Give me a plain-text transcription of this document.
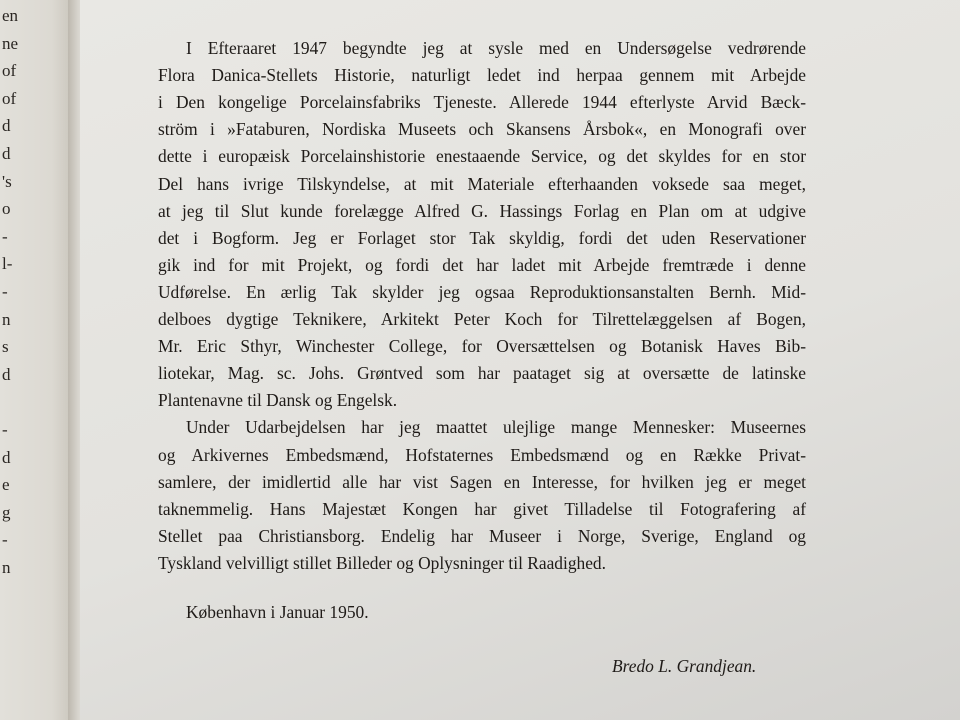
en
ne
of
of
d
d
's
o
-
l-
-
n
s
d
-
d
e
g
-
n
I Efteraaret 1947 begyndte jeg at sysle med en Undersøgelse vedrørende
Flora Danica-Stellets Historie, naturligt ledet ind herpaa gennem mit Arbejde
i Den kongelige Porcelainsfabriks Tjeneste. Allerede 1944 efterlyste Arvid Bæck-
ström i »Fataburen, Nordiska Museets och Skansens Årsbok«, en Monografi over
dette i europæisk Porcelainshistorie enestaaende Service, og det skyldes for en stor
Del hans ivrige Tilskyndelse, at mit Materiale efterhaanden voksede saa meget,
at jeg til Slut kunde forelægge Alfred G. Hassings Forlag en Plan om at udgive
det i Bogform. Jeg er Forlaget stor Tak skyldig, fordi det uden Reservationer
gik ind for mit Projekt, og fordi det har ladet mit Arbejde fremtræde i denne
Udførelse. En ærlig Tak skylder jeg ogsaa Reproduktionsanstalten Bernh. Mid-
delboes dygtige Teknikere, Arkitekt Peter Koch for Tilrettelæggelsen af Bogen,
Mr. Eric Sthyr, Winchester College, for Oversættelsen og Botanisk Haves Bib-
liotekar, Mag. sc. Johs. Grøntved som har paataget sig at oversætte de latinske
Plantenavne til Dansk og Engelsk.
Under Udarbejdelsen har jeg maattet ulejlige mange Mennesker: Museernes
og Arkivernes Embedsmænd, Hofstaternes Embedsmænd og en Række Privat-
samlere, der imidlertid alle har vist Sagen en Interesse, for hvilken jeg er meget
taknemmelig. Hans Majestæt Kongen har givet Tilladelse til Fotografering af
Stellet paa Christiansborg. Endelig har Museer i Norge, Sverige, England og
Tyskland velvilligt stillet Billeder og Oplysninger til Raadighed.
København i Januar 1950.
Bredo L. Grandjean.
